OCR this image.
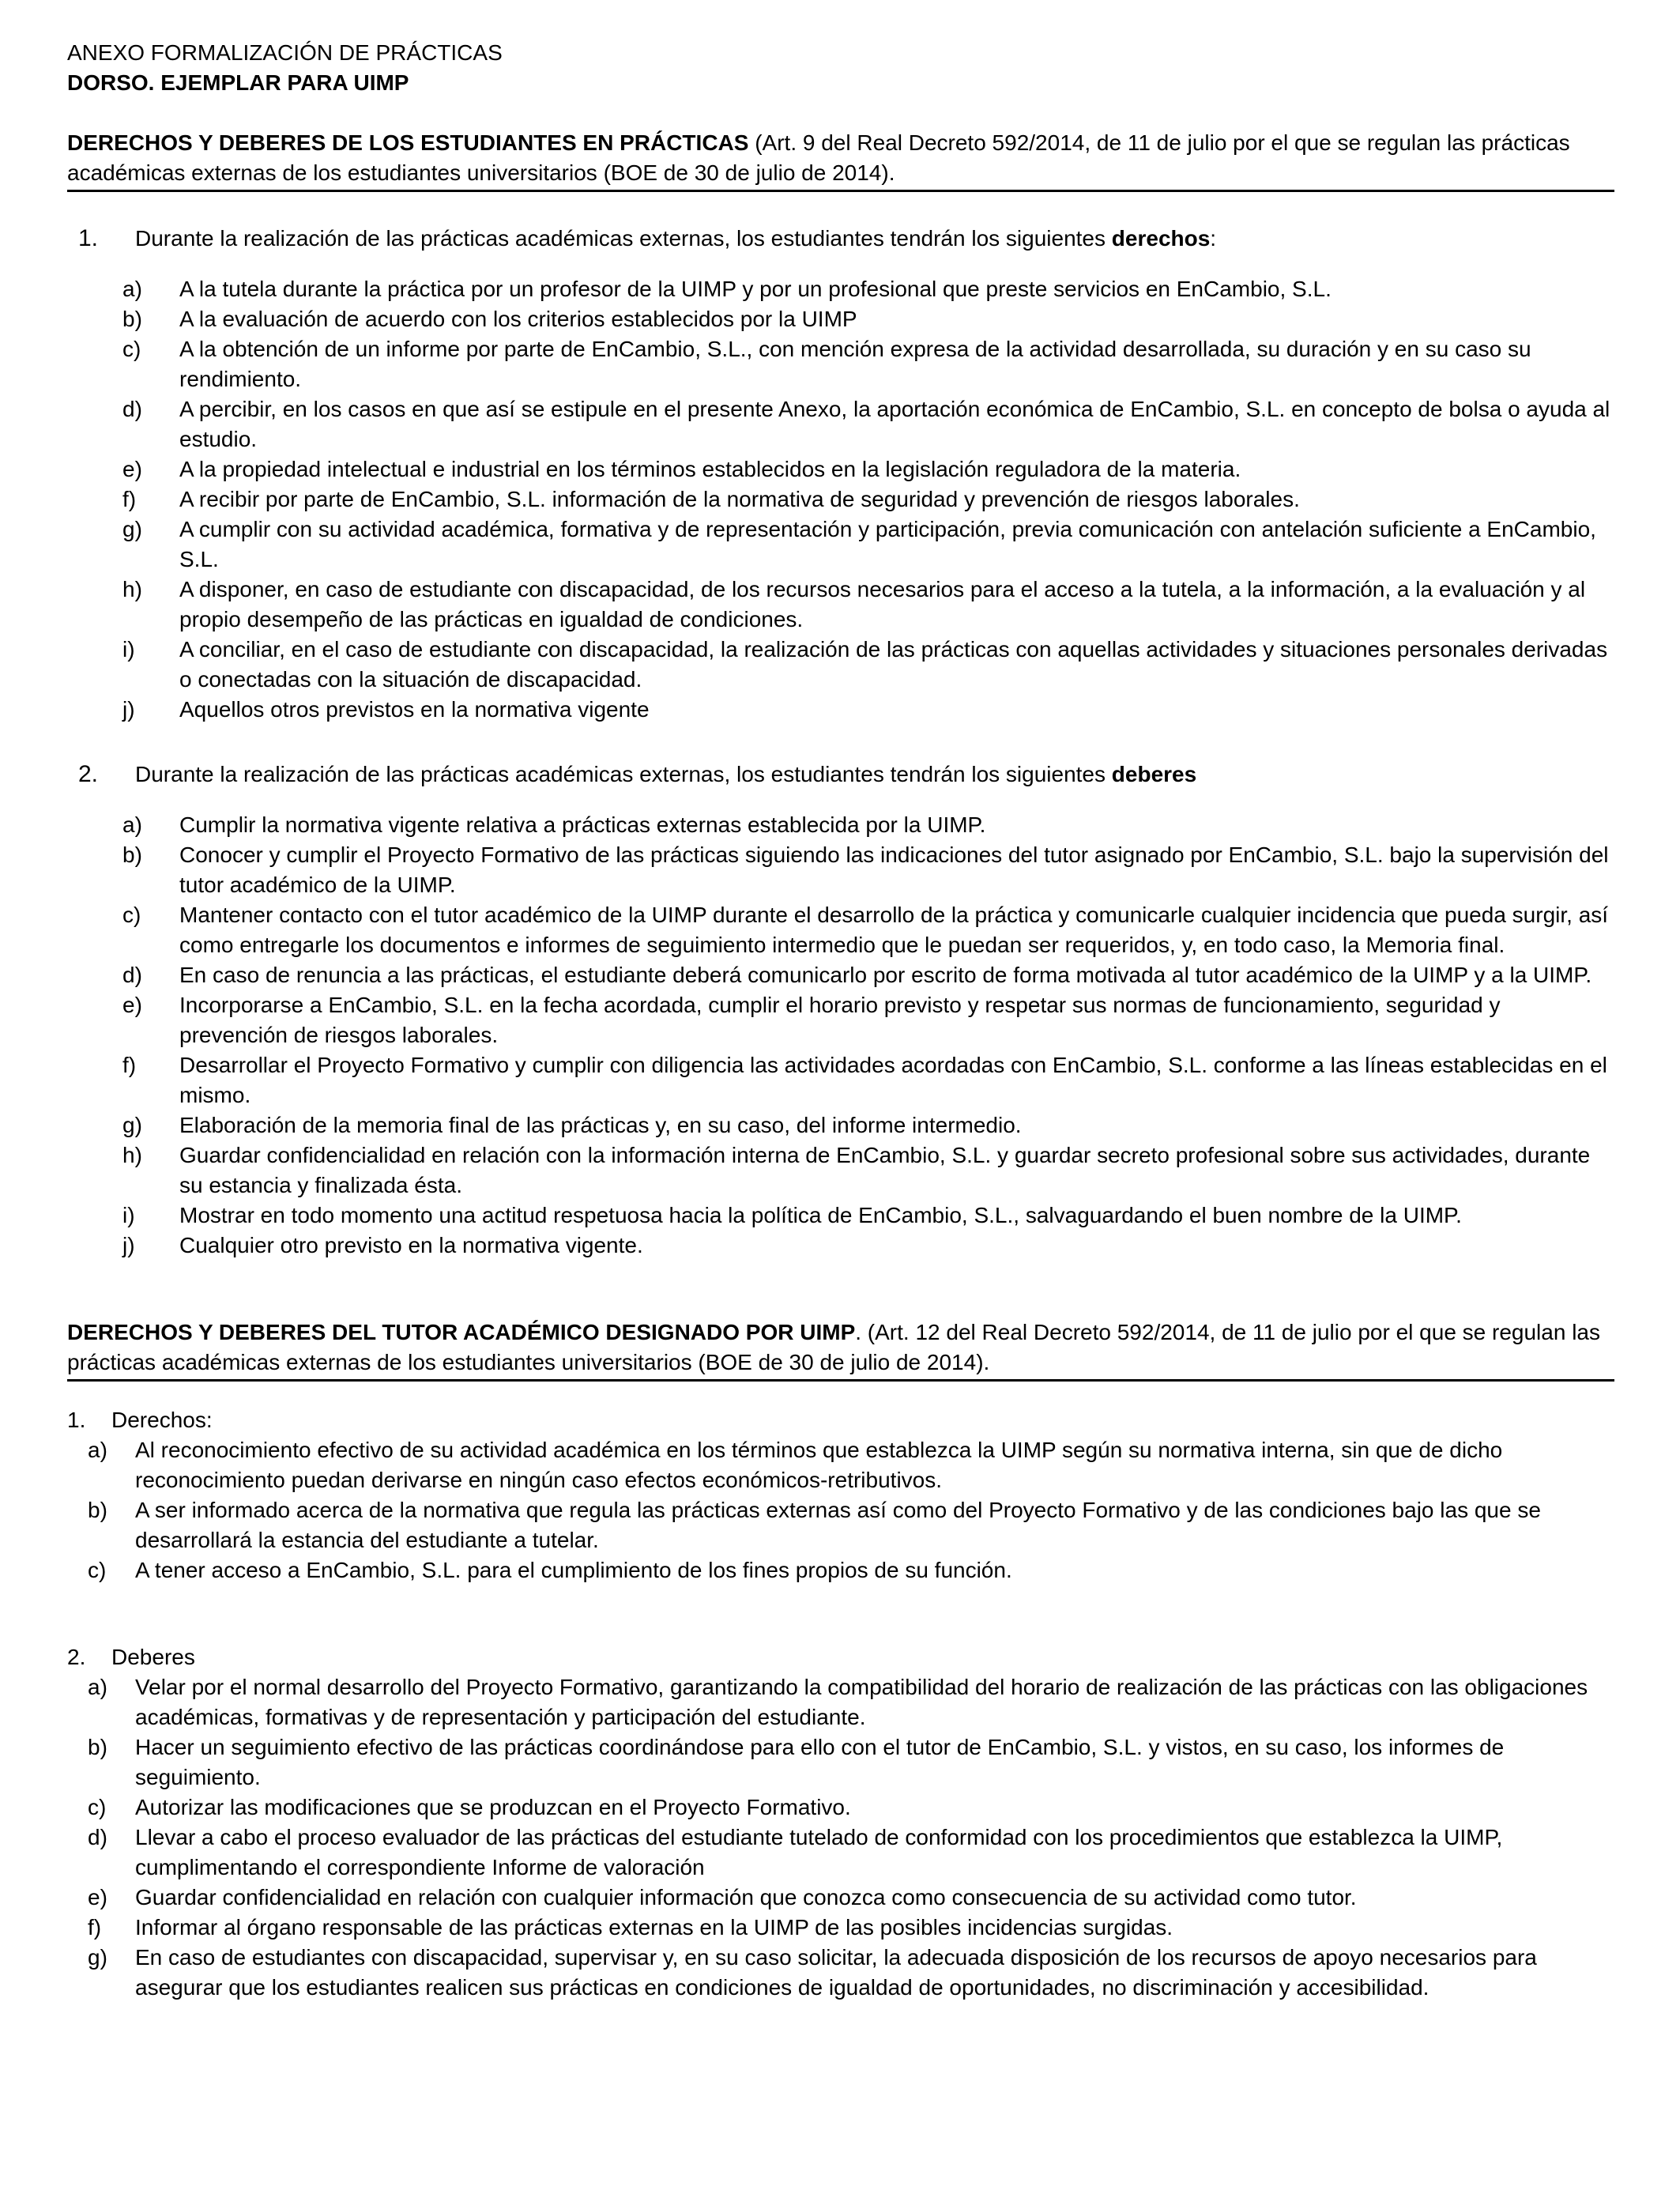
ANEXO FORMALIZACIÓN DE PRÁCTICAS

DORSO. EJEMPLAR PARA UIMP

DERECHOS Y DEBERES DE LOS ESTUDIANTES EN PRÁCTICAS (Art. 9 del Real Decreto 592/2014, de 11 de julio por el que se regulan las prácticas académicas externas de los estudiantes universitarios (BOE de 30 de julio de 2014).

1.	Durante la realización de las prácticas académicas externas, los estudiantes tendrán los siguientes derechos:
a)	A la tutela durante la práctica por un profesor de la UIMP y por un profesional que preste servicios en EnCambio, S.L.
b)	A la evaluación de acuerdo con los criterios establecidos por la UIMP
c)	A la obtención de un informe por parte de EnCambio, S.L., con mención expresa de la actividad desarrollada, su duración y en su caso su rendimiento.
d)	A percibir, en los casos en que así se estipule en el presente Anexo, la aportación económica de EnCambio, S.L. en concepto de bolsa o ayuda al estudio.
e)	A la propiedad intelectual e industrial en los términos establecidos en la legislación reguladora de la materia.
f)	A recibir por parte de EnCambio, S.L. información de la normativa de seguridad y prevención de riesgos laborales.
g)	A cumplir con su actividad académica, formativa y de representación y participación, previa comunicación con antelación suficiente a EnCambio, S.L.
h)	A disponer, en caso de estudiante con discapacidad, de los recursos necesarios para el acceso a la tutela, a la información, a la evaluación y al propio desempeño de las prácticas en igualdad de condiciones.
i)	A conciliar, en el caso de estudiante con discapacidad, la realización de las prácticas con aquellas actividades y situaciones personales derivadas o conectadas con la situación de discapacidad.
j)	Aquellos otros previstos en la normativa vigente
2.	Durante la realización de las prácticas académicas externas, los estudiantes tendrán los siguientes deberes
a)	Cumplir la normativa vigente relativa a prácticas externas establecida por la UIMP.
b)	Conocer y cumplir el Proyecto Formativo de las prácticas siguiendo las indicaciones del tutor asignado por EnCambio, S.L. bajo la supervisión del tutor académico de la UIMP.
c)	Mantener contacto con el tutor académico de la UIMP durante el desarrollo de la práctica y comunicarle cualquier incidencia que pueda surgir, así como entregarle los documentos e informes de seguimiento intermedio que le puedan ser requeridos, y, en todo caso, la Memoria final.
d)	En caso de renuncia a las prácticas, el estudiante deberá comunicarlo por escrito de forma motivada al tutor académico de la UIMP y a la UIMP.
e)	Incorporarse a EnCambio, S.L. en la fecha acordada, cumplir el horario previsto y respetar sus normas de funcionamiento, seguridad y prevención de riesgos laborales.
f)	Desarrollar el Proyecto Formativo y cumplir con diligencia las actividades acordadas con EnCambio, S.L. conforme a las líneas establecidas en el mismo.
g)	Elaboración de la memoria final de las prácticas y, en su caso, del informe intermedio.
h)	Guardar confidencialidad en relación con la información interna de EnCambio, S.L. y guardar secreto profesional sobre sus actividades, durante su estancia y finalizada ésta.
i)	Mostrar en todo momento una actitud respetuosa hacia la política de EnCambio, S.L., salvaguardando el buen nombre de la UIMP.
j)	Cualquier otro previsto en la normativa vigente.

DERECHOS Y DEBERES DEL TUTOR ACADÉMICO DESIGNADO POR UIMP. (Art. 12 del Real Decreto 592/2014, de 11 de julio por el que se regulan las prácticas académicas externas de los estudiantes universitarios (BOE de 30 de julio de 2014).

1. Derechos:
a)	Al reconocimiento efectivo de su actividad académica en los términos que establezca la UIMP según su normativa interna, sin que de dicho reconocimiento puedan derivarse en ningún caso efectos económicos-retributivos.
b)	A ser informado acerca de la normativa que regula las prácticas externas así como del Proyecto Formativo y de las condiciones bajo las que se desarrollará la estancia del estudiante a tutelar.
c)	A tener acceso a EnCambio, S.L. para el cumplimiento de los fines propios de su función.
2. Deberes
a)	Velar por el normal desarrollo del Proyecto Formativo, garantizando la compatibilidad del horario de realización de las prácticas con las obligaciones académicas, formativas y de representación y participación del estudiante.
b)	Hacer un seguimiento efectivo de las prácticas coordinándose para ello con el tutor de EnCambio, S.L. y vistos, en su caso, los informes de seguimiento.
c)	Autorizar las modificaciones que se produzcan en el Proyecto Formativo.
d)	Llevar a cabo el proceso evaluador de las prácticas del estudiante tutelado de conformidad con los procedimientos que establezca la UIMP, cumplimentando el correspondiente Informe de valoración
e)	Guardar confidencialidad en relación con cualquier información que conozca como consecuencia de su actividad como tutor.
f)	Informar al órgano responsable de las prácticas externas en la UIMP de las posibles incidencias surgidas.
g)	En caso de estudiantes con discapacidad, supervisar y, en su caso solicitar, la adecuada disposición de los recursos de apoyo necesarios para asegurar que los estudiantes realicen sus prácticas en condiciones de igualdad de oportunidades, no discriminación y accesibilidad.
